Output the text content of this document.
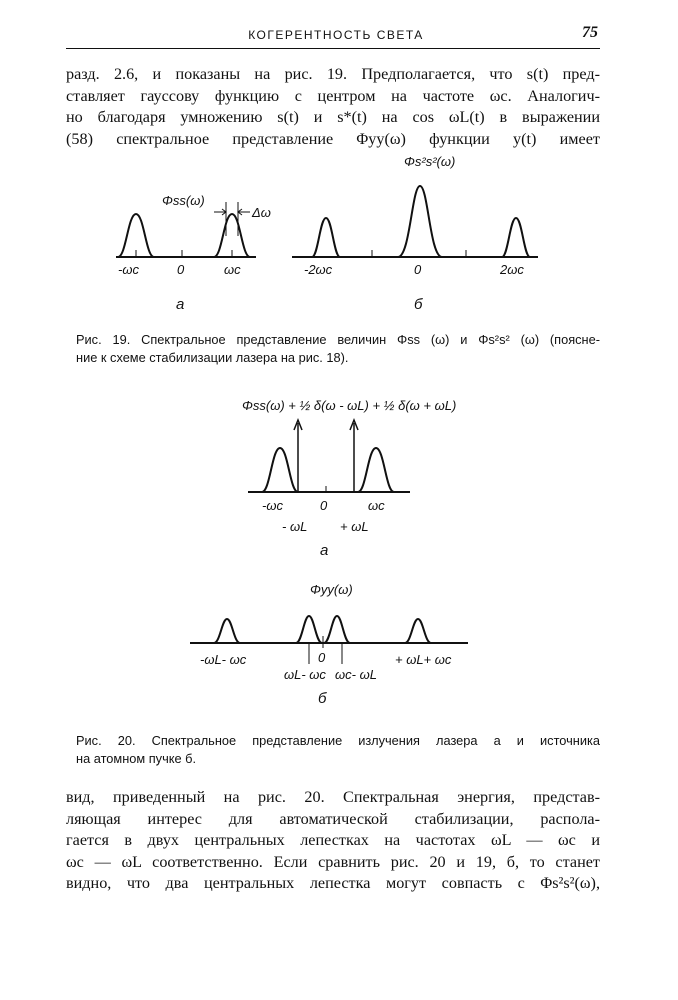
КОГЕРЕНТНОСТЬ СВЕТА	75
разд. 2.6, и показаны на рис. 19. Предполагается, что s(t) пред-
ставляет гауссову функцию с центром на частоте ωc. Аналогич-
но благодаря умножению s(t) и s*(t) на cos ωL(t) в выражении
(58) спектральное представление Φyy(ω) функции y(t) имеет
Φss(ω)
Δω
-ωc	0	ωc
а
Φs²s²(ω)
-2ωc	0	2ωc
б
Рис. 19. Спектральное представление величин Φss (ω) и Φs²s² (ω) (поясне-
ние к схеме стабилизации лазера на рис. 18).
Φss(ω) + ½ δ(ω - ωL) + ½ δ(ω + ωL)
-ωc	0	ωc
- ωL	+ ωL
а
Φyy(ω)
-ωL- ωc	0	+ ωL+ ωc
ωL- ωc ωc- ωL
б
Рис. 20. Спектральное представление излучения лазера а и источника
на атомном пучке б.
вид, приведенный на рис. 20. Спектральная энергия, представ-
ляющая интерес для автоматической стабилизации, распола-
гается в двух центральных лепестках на частотах ωL — ωc и
ωc — ωL соответственно. Если сравнить рис. 20 и 19, б, то станет
видно, что два центральных лепестка могут совпасть с Φs²s²(ω),
